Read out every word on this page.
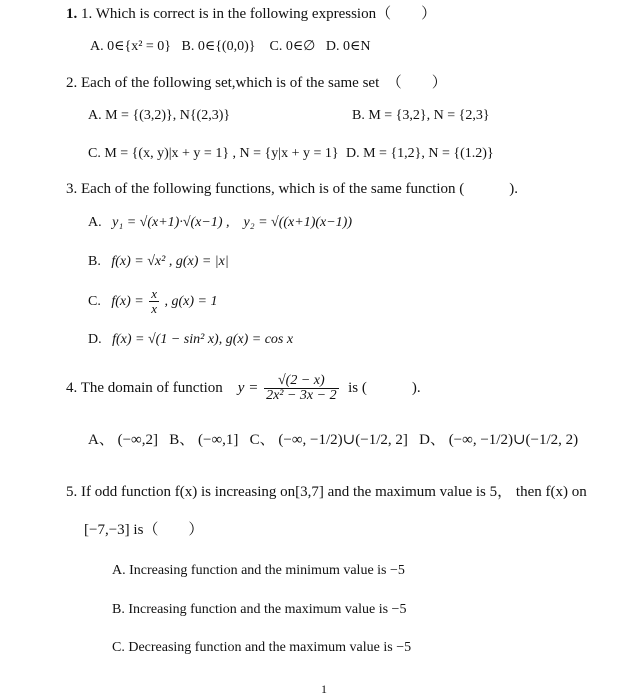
1. 1. Which is correct is in the following expression（　　）
A. 0∈{x² = 0} B. 0∈{(0,0)} C. 0∈∅ D. 0∈N
2. Each of the following set,which is of the same set　（　　）
A. M = {(3,2)}, N{(2,3)}	B. M = {3,2}, N = {2,3}
C. M = {(x, y)|x + y = 1} , N = {y|x + y = 1} D. M = {1,2}, N = {(1.2)}
3. Each of the following functions, which is of the same function (　　　).
A. y₁ = √(x+1)·√(x−1) , y₂ = √((x+1)(x−1))
B. f(x) = √x² , g(x) = |x|
C. $f(x) = \frac{x}{x}$ , g(x) = 1
D. f(x) = √(1 − sin² x), g(x) = cos x
4. The domain of function $y = \frac{√(2 - x)}{\text{2x² − 3x − 2}}$ is (　　　).
A、 (−∞,2] B、 (−∞,1] C、 (−∞, −1/2)∪(−1/2, 2] D、 (−∞, −1/2)∪(−1/2, 2)
5. If odd function f(x) is increasing on[3,7] and the maximum value is 5， then f(x) on
[−7,−3] is（　　）
A. Increasing function and the minimum value is −5
B. Increasing function and the maximum value is −5
C. Decreasing function and the maximum value is −5
1
